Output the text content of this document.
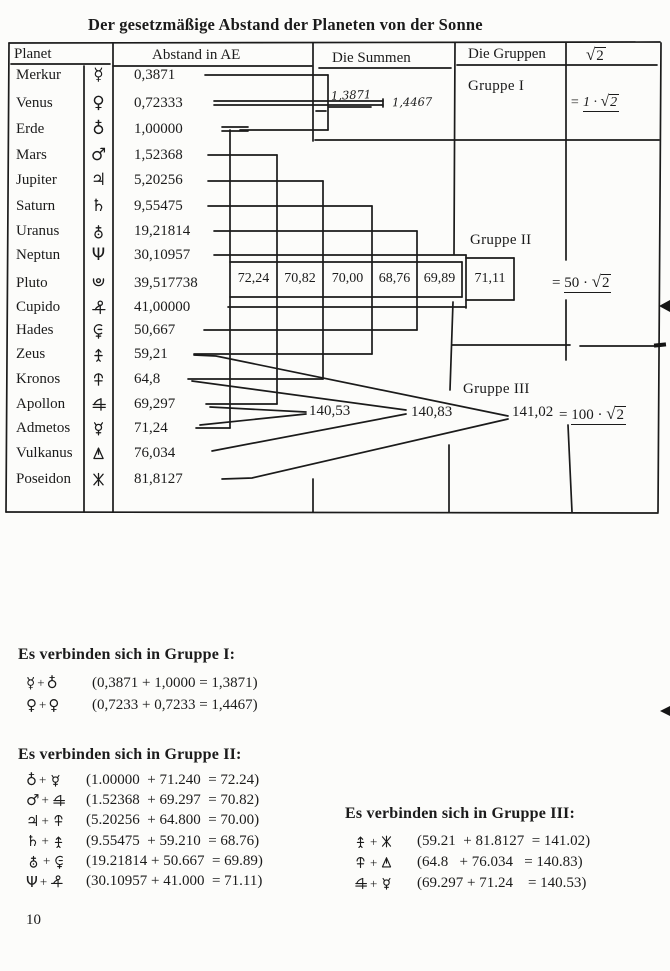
Der gesetzmäßige Abstand der Planeten von der Sonne
Planet	Abstand in AE	Die Summen	Die Gruppen √2
Merkur	☿	0,3871
Venus	♀	0,72333
Erde	♁	1,00000
Mars	♂	1,52368
Jupiter	♃	5,20256
Saturn	♄	9,55475
Uranus	19,21814
Neptun	Ψ	30,10957
Pluto	39,517738
Cupido	41,00000
Hades	50,667
Zeus	59,21
Kronos	64,8
Apollon	69,297
Admetos	71,24
Vulkanus	76,034
Poseidon	81,8127
Gruppe I
Gruppe II
Gruppe III
1,3871 1,4467
72,24	70,82	70,00	68,76 69,89	71,11
= 1 · √2
= 50 · √2
140,53	140,83	141,02 = 100 · √2
Es verbinden sich in Gruppe I:
☿ + ♁ (0,3871 + 1,0000 = 1,3871)
♀ + ♀ (0,7233 + 0,7233 = 1,4467)
Es verbinden sich in Gruppe II:
♁ +	(1.00000  + 71.240  = 72.24)
♂ + (1.52368  + 69.297  = 70.82)
♃ + (5.20256  + 64.800  = 70.00)
♄ + (9.55475  + 59.210  = 68.76)
+ (19.21814 + 50.667  = 69.89)
Ψ +	(30.10957 + 41.000  = 71.11)
Es verbinden sich in Gruppe III:
+	(59.21  + 81.8127  = 141.02)
+	(64.8   + 76.034   = 140.83)
+	(69.297 + 71.24    = 140.53)
10
